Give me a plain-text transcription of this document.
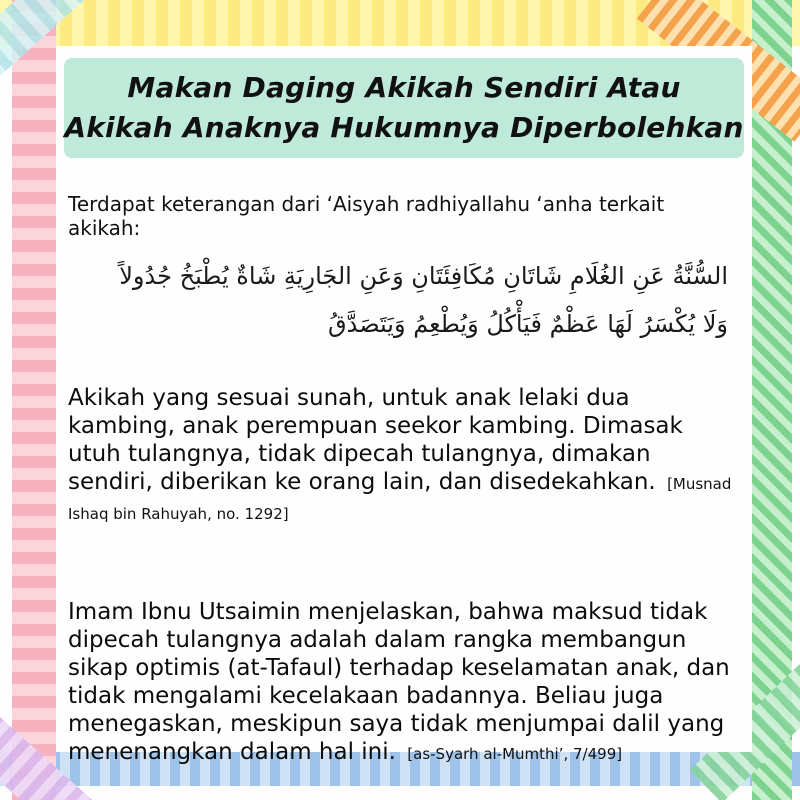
Makan Daging Akikah Sendiri Atau
Akikah Anaknya Hukumnya Diperbolehkan
Terdapat keterangan dari ‘Aisyah radhiyallahu ‘anha terkait akikah:
السُّنَّةُ عَنِ الغُلَامِ شَاتَانِ مُكَافِئَتَانِ وَعَنِ الجَارِيَةِ شَاةٌ يُطْبَخُ جُدُولاً
وَلَا يُكْسَرُ لَهَا عَظْمٌ فَيَأْكُلُ وَيُطْعِمُ وَيَتَصَدَّقُ
Akikah yang sesuai sunah, untuk anak lelaki dua kambing, anak perempuan seekor kambing. Dimasak utuh tulangnya, tidak dipecah tulangnya, dimakan sendiri, diberikan ke orang lain, dan disedekahkan. [Musnad Ishaq bin Rahuyah, no. 1292]
Imam Ibnu Utsaimin menjelaskan, bahwa maksud tidak dipecah tulangnya adalah dalam rangka membangun sikap optimis (at-Tafaul) terhadap keselamatan anak, dan tidak mengalami kecelakaan badannya. Beliau juga menegaskan, meskipun saya tidak menjumpai dalil yang menenangkan dalam hal ini. [as-Syarh al-Mumthi’, 7/499]
